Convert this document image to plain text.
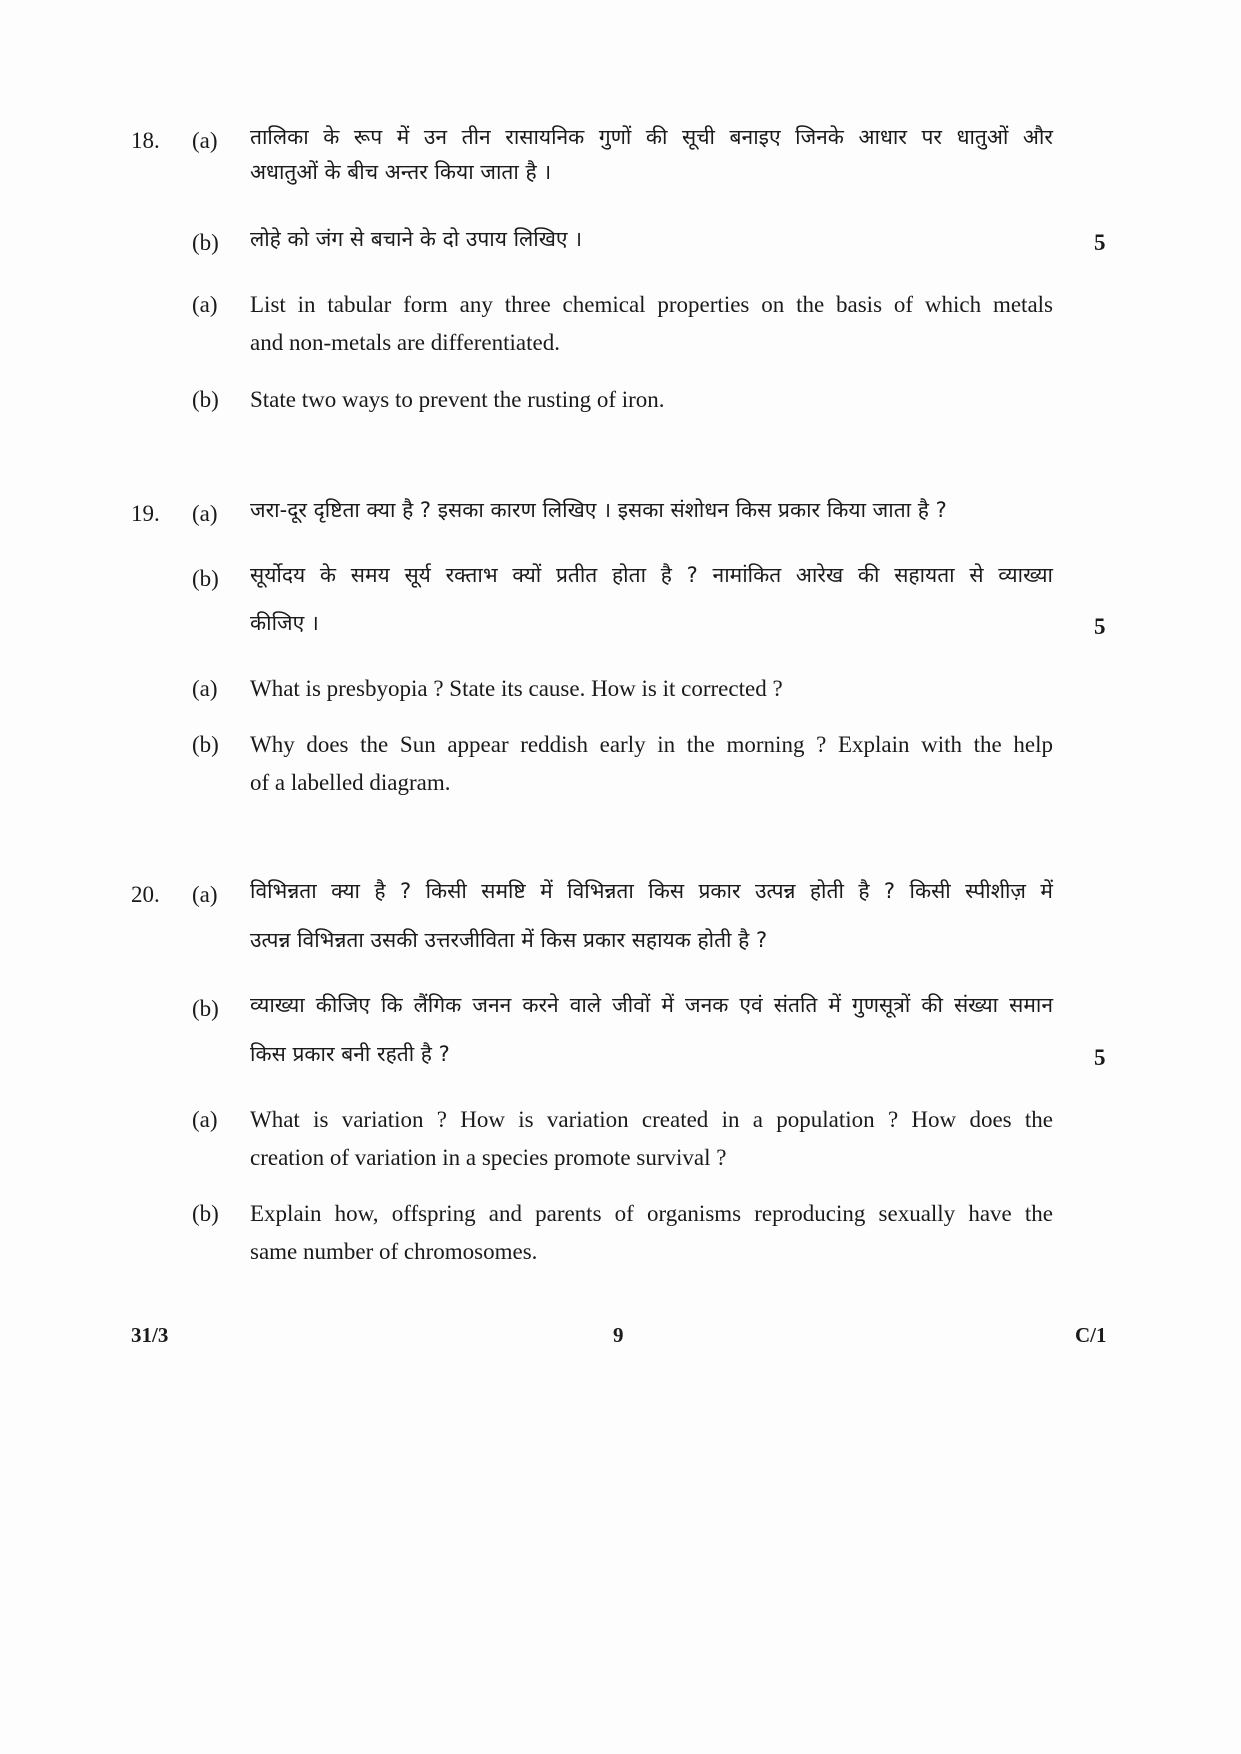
18. (a) तालिका के रूप में उन तीन रासायनिक गुणों की सूची बनाइए जिनके आधार पर धातुओं और
अधातुओं के बीच अन्तर किया जाता है ।
(b) लोहे को जंग से बचाने के दो उपाय लिखिए ।	5
(a) List in tabular form any three chemical properties on the basis of which metals
and non-metals are differentiated.
(b) State two ways to prevent the rusting of iron.
19. (a) जरा-दूर दृष्टिता क्या है ? इसका कारण लिखिए । इसका संशोधन किस प्रकार किया जाता है ?
(b) सूर्योदय के समय सूर्य रक्ताभ क्यों प्रतीत होता है ? नामांकित आरेख की सहायता से व्याख्या
कीजिए ।	5
(a) What is presbyopia ? State its cause. How is it corrected ?
(b) Why does the Sun appear reddish early in the morning ? Explain with the help
of a labelled diagram.
20. (a) विभिन्नता क्या है ? किसी समष्टि में विभिन्नता किस प्रकार उत्पन्न होती है ? किसी स्पीशीज़ में
उत्पन्न विभिन्नता उसकी उत्तरजीविता में किस प्रकार सहायक होती है ?
(b) व्याख्या कीजिए कि लैंगिक जनन करने वाले जीवों में जनक एवं संतति में गुणसूत्रों की संख्या समान
किस प्रकार बनी रहती है ?	5
(a) What is variation ? How is variation created in a population ? How does the
creation of variation in a species promote survival ?
(b) Explain how, offspring and parents of organisms reproducing sexually have the
same number of chromosomes.
31/3	9	C/1
